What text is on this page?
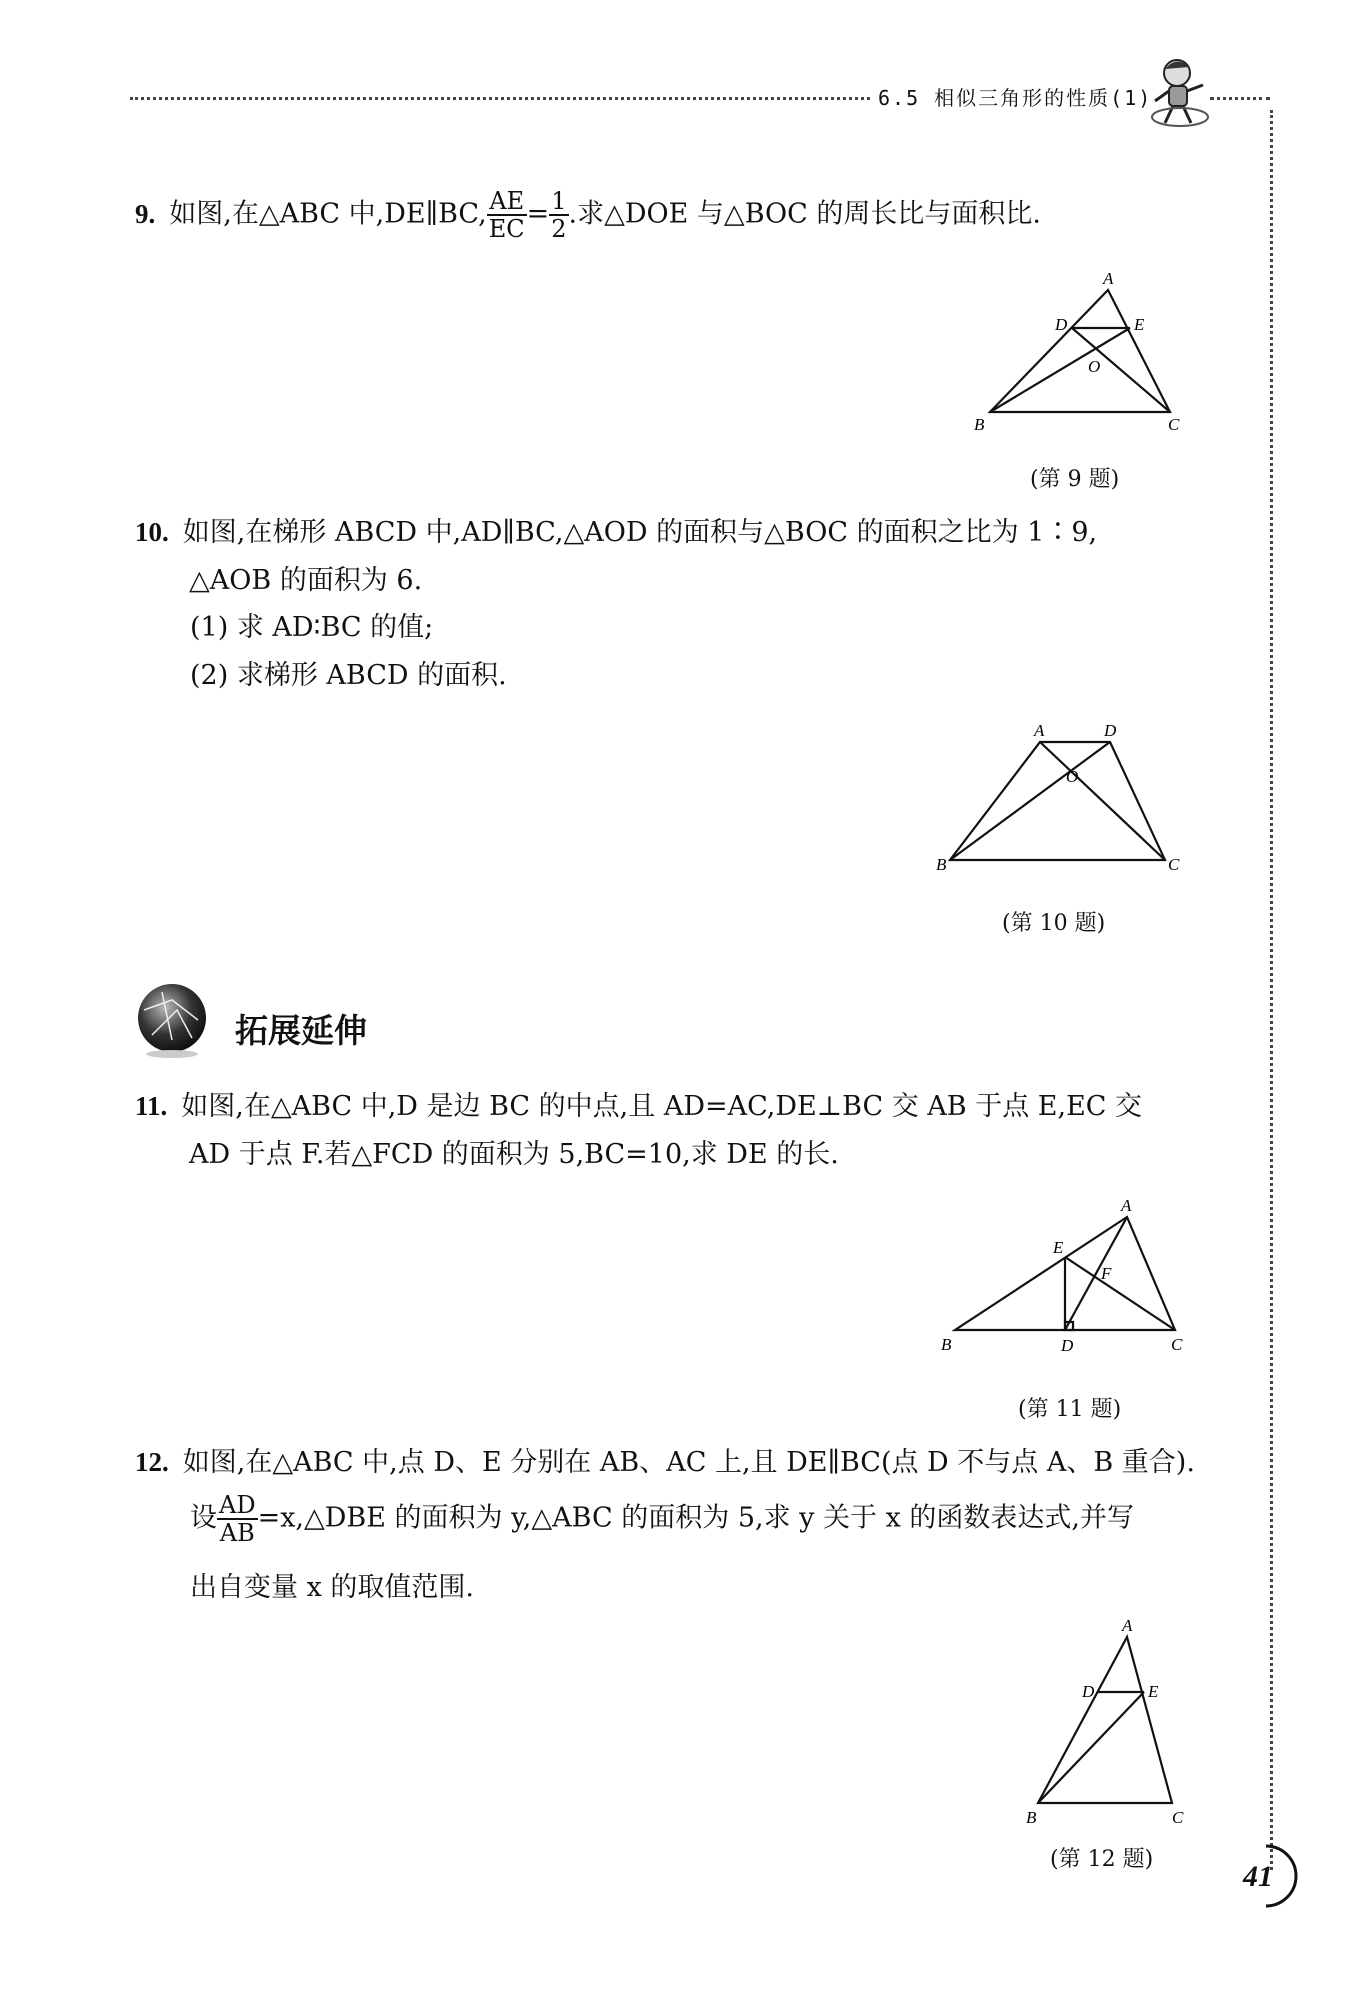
6.5 相似三角形的性质(1)
9. 如图,在△ABC 中,DE∥BC, $\frac{AE}{EC} = \frac{1}{2}$ .求△DOE 与△BOC 的周长比与面积比.
A
B	C
D	E
O
(第 9 题)
10. 如图,在梯形 ABCD 中,AD∥BC,△AOD 的面积与△BOC 的面积之比为 1∶9,
△AOB 的面积为 6.
(1) 求 AD∶BC 的值;
(2) 求梯形 ABCD 的面积.
A	D
B	C
O
(第 10 题)
拓展延伸
11. 如图,在△ABC 中,D 是边 BC 的中点,且 AD=AC,DE⊥BC 交 AB 于点 E,EC 交
AD 于点 F.若△FCD 的面积为 5,BC=10,求 DE 的长.
A
B	C
D
E
F
(第 11 题)
12. 如图,在△ABC 中,点 D、E 分别在 AB、AC 上,且 DE∥BC(点 D 不与点 A、B 重合).
设 $\frac{AD}{AB}$ =x,△DBE 的面积为 y,△ABC 的面积为 5,求 y 关于 x 的函数表达式,并写
出自变量 x 的取值范围.
A
B	C
D	E
(第 12 题)
41
